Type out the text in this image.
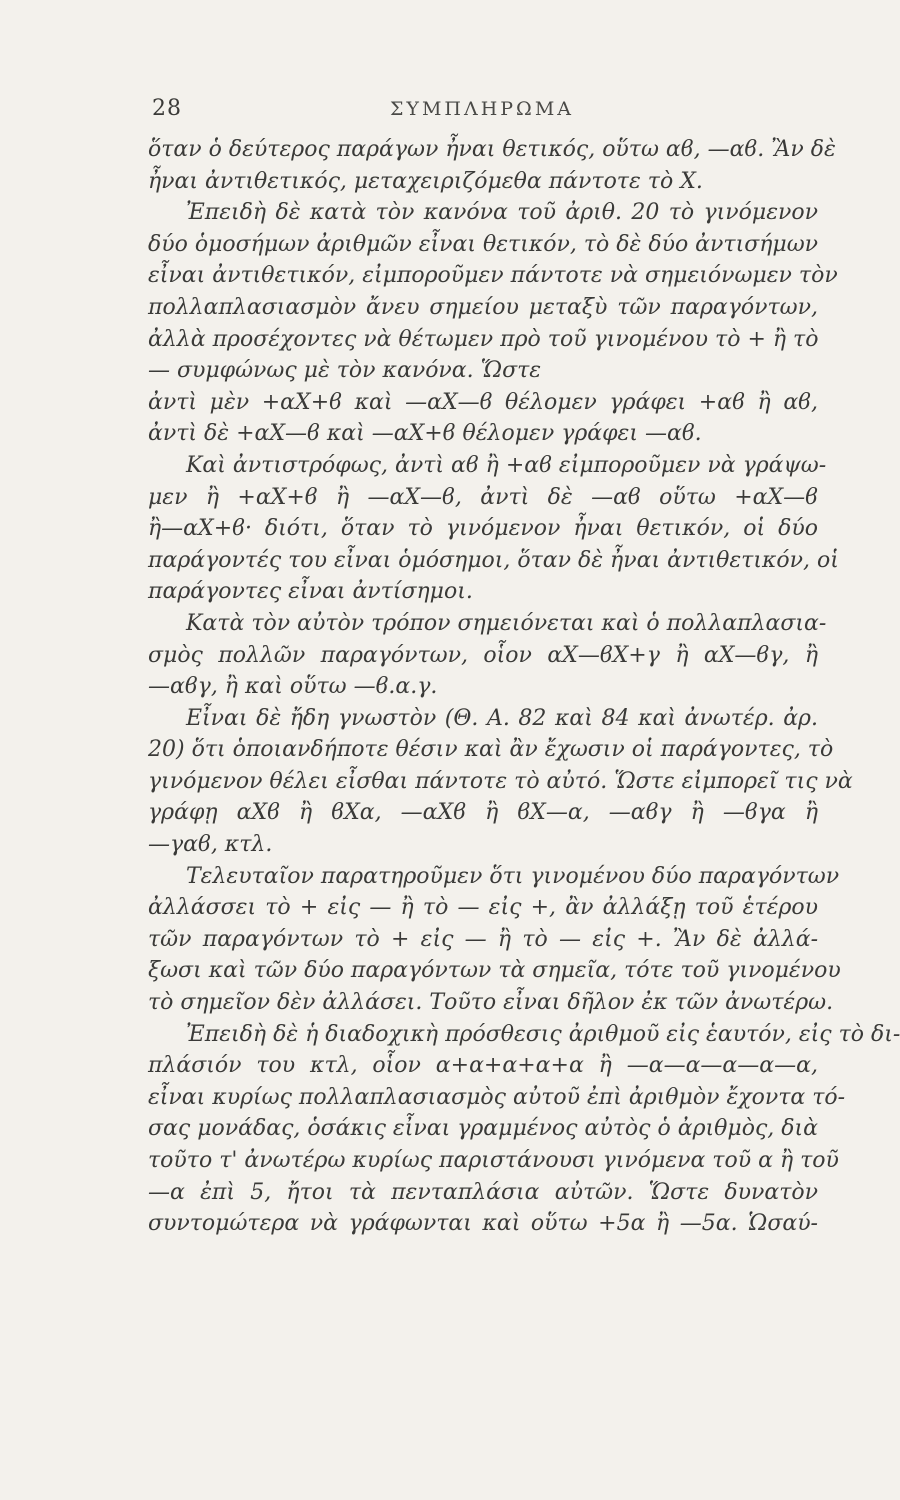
28	ΣΥΜΠΛΗΡΩΜΑ
ὅταν ὁ δεύτερος παράγων ἦναι θετικός, οὕτω αϐ, —αϐ. Ἂν δὲ
ἦναι ἀντιθετικός, μεταχειριζόμεθα πάντοτε τὸ X.
Ἐπειδὴ δὲ κατὰ τὸν κανόνα τοῦ ἀριθ. 20 τὸ γινόμενον
δύο ὁμοσήμων ἀριθμῶν εἶναι θετικόν, τὸ δὲ δύο ἀντισήμων
εἶναι ἀντιθετικόν, εἰμποροῦμεν πάντοτε νὰ σημειόνωμεν τὸν
πολλαπλασιασμὸν ἄνευ σημείου μεταξὺ τῶν παραγόντων,
ἀλλὰ προσέχοντες νὰ θέτωμεν πρὸ τοῦ γινομένου τὸ + ἢ τὸ
— συμφώνως μὲ τὸν κανόνα. Ὥστε
ἀντὶ μὲν +αX+ϐ καὶ —αX—ϐ θέλομεν γράφει +αϐ ἢ αϐ,
ἀντὶ δὲ +αX—ϐ καὶ —αX+ϐ θέλομεν γράφει —αϐ.
Καὶ ἀντιστρόφως, ἀντὶ αϐ ἢ +αϐ εἰμποροῦμεν νὰ γράψω-
μεν ἢ +αX+ϐ ἢ —αX—ϐ, ἀντὶ δὲ —αϐ οὕτω +αX—ϐ
ἢ—αX+ϐ· διότι, ὅταν τὸ γινόμενον ἦναι θετικόν, οἱ δύο
παράγοντές του εἶναι ὁμόσημοι, ὅταν δὲ ἦναι ἀντιθετικόν, οἱ
παράγοντες εἶναι ἀντίσημοι.
Κατὰ τὸν αὐτὸν τρόπον σημειόνεται καὶ ὁ πολλαπλασια-
σμὸς πολλῶν παραγόντων, οἷον αX—ϐX+γ ἢ αX—ϐγ, ἢ
—αϐγ, ἢ καὶ οὕτω —ϐ.α.γ.
Εἶναι δὲ ἤδη γνωστὸν (Θ. Α. 82 καὶ 84 καὶ ἀνωτέρ. ἀρ.
20) ὅτι ὁποιανδήποτε θέσιν καὶ ἂν ἔχωσιν οἱ παράγοντες, τὸ
γινόμενον θέλει εἶσθαι πάντοτε τὸ αὐτό. Ὥστε εἰμπορεῖ τις νὰ
γράφῃ αXϐ ἢ ϐXα, —αXϐ ἢ ϐX—α, —αϐγ ἢ —ϐγα ἢ
—γαϐ, κτλ.
Τελευταῖον παρατηροῦμεν ὅτι γινομένου δύο παραγόντων
ἀλλάσσει τὸ + εἰς — ἢ τὸ — εἰς +, ἂν ἀλλάξῃ τοῦ ἑτέρου
τῶν παραγόντων τὸ + εἰς — ἢ τὸ — εἰς +. Ἂν δὲ ἀλλά-
ξωσι καὶ τῶν δύο παραγόντων τὰ σημεῖα, τότε τοῦ γινομένου
τὸ σημεῖον δὲν ἀλλάσει. Τοῦτο εἶναι δῆλον ἐκ τῶν ἀνωτέρω.
Ἐπειδὴ δὲ ἡ διαδοχικὴ πρόσθεσις ἀριθμοῦ εἰς ἑαυτόν, εἰς τὸ δι-
πλάσιόν του κτλ, οἷον α+α+α+α+α ἢ —α—α—α—α—α,
εἶναι κυρίως πολλαπλασιασμὸς αὐτοῦ ἐπὶ ἀριθμὸν ἔχοντα τό-
σας μονάδας, ὁσάκις εἶναι γραμμένος αὐτὸς ὁ ἀριθμὸς, διὰ
τοῦτο τ' ἀνωτέρω κυρίως παριστάνουσι γινόμενα τοῦ α ἢ τοῦ
—α ἐπὶ 5, ἤτοι τὰ πενταπλάσια αὐτῶν. Ὥστε δυνατὸν
συντομώτερα νὰ γράφωνται καὶ οὕτω +5α ἢ —5α. Ὡσαύ-
